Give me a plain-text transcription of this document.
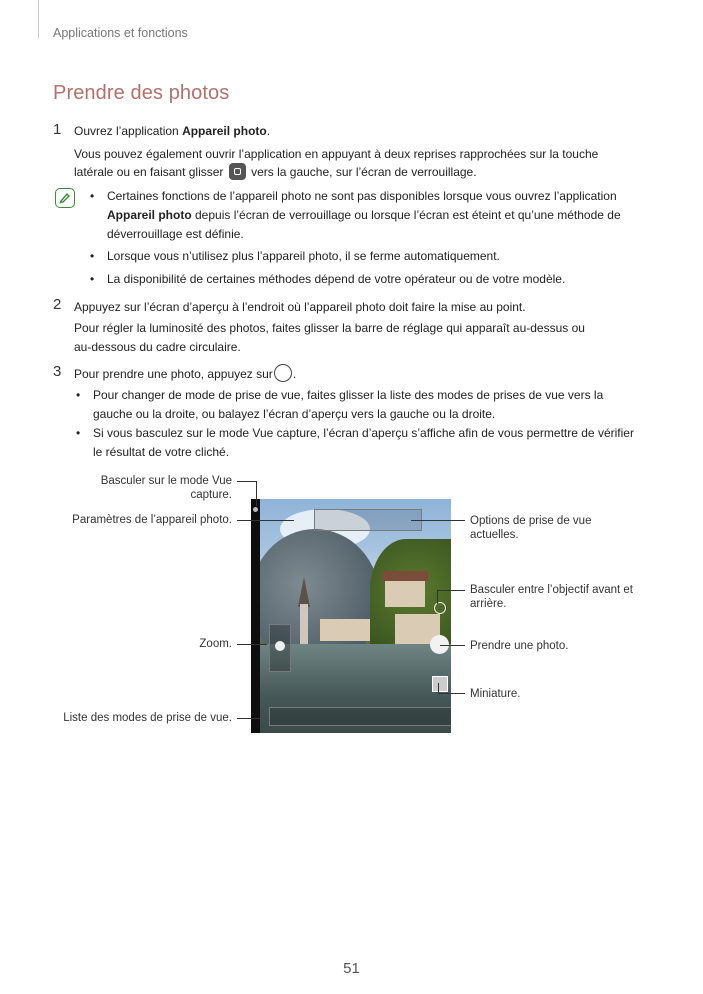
Applications et fonctions
Prendre des photos
1 Ouvrez l’application Appareil photo.
Vous pouvez également ouvrir l’application en appuyant à deux reprises rapprochées sur la touche
latérale ou en faisant glisser vers la gauche, sur l’écran de verrouillage.
• Certaines fonctions de l’appareil photo ne sont pas disponibles lorsque vous ouvrez l’application
Appareil photo depuis l’écran de verrouillage ou lorsque l’écran est éteint et qu’une méthode de
déverrouillage est définie.
• Lorsque vous n’utilisez plus l’appareil photo, il se ferme automatiquement.
• La disponibilité de certaines méthodes dépend de votre opérateur ou de votre modèle.
2 Appuyez sur l’écran d’aperçu à l’endroit où l’appareil photo doit faire la mise au point.
Pour régler la luminosité des photos, faites glisser la barre de réglage qui apparaît au-dessus ou
au-dessous du cadre circulaire.
3 Pour prendre une photo, appuyez sur .
• Pour changer de mode de prise de vue, faites glisser la liste des modes de prises de vue vers la
gauche ou la droite, ou balayez l’écran d’aperçu vers la gauche ou la droite.
• Si vous basculez sur le mode Vue capture, l’écran d’aperçu s’affiche afin de vous permettre de vérifier
le résultat de votre cliché.
Basculer sur le mode Vue
capture.
Paramètres de l’appareil photo.
Zoom.
Liste des modes de prise de vue.
Options de prise de vue
actuelles.
Basculer entre l’objectif avant et
arrière.
Prendre une photo.
Miniature.
51
